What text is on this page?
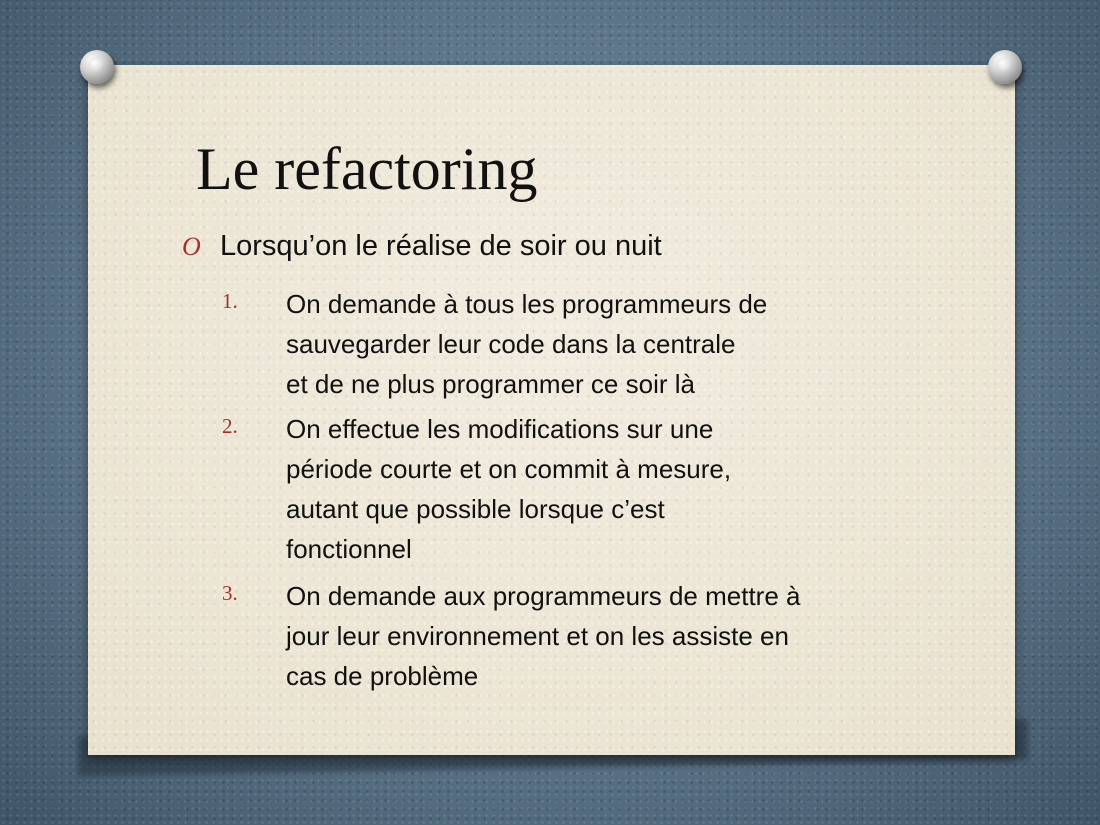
Le refactoring
O Lorsqu’on le réalise de soir ou nuit
1. On demande à tous les programmeurs de
sauvegarder leur code dans la centrale
et de ne plus programmer ce soir là
2. On effectue les modifications sur une
période courte et on commit à mesure,
autant que possible lorsque c’est
fonctionnel
3. On demande aux programmeurs de mettre à
jour leur environnement et on les assiste en
cas de problème
